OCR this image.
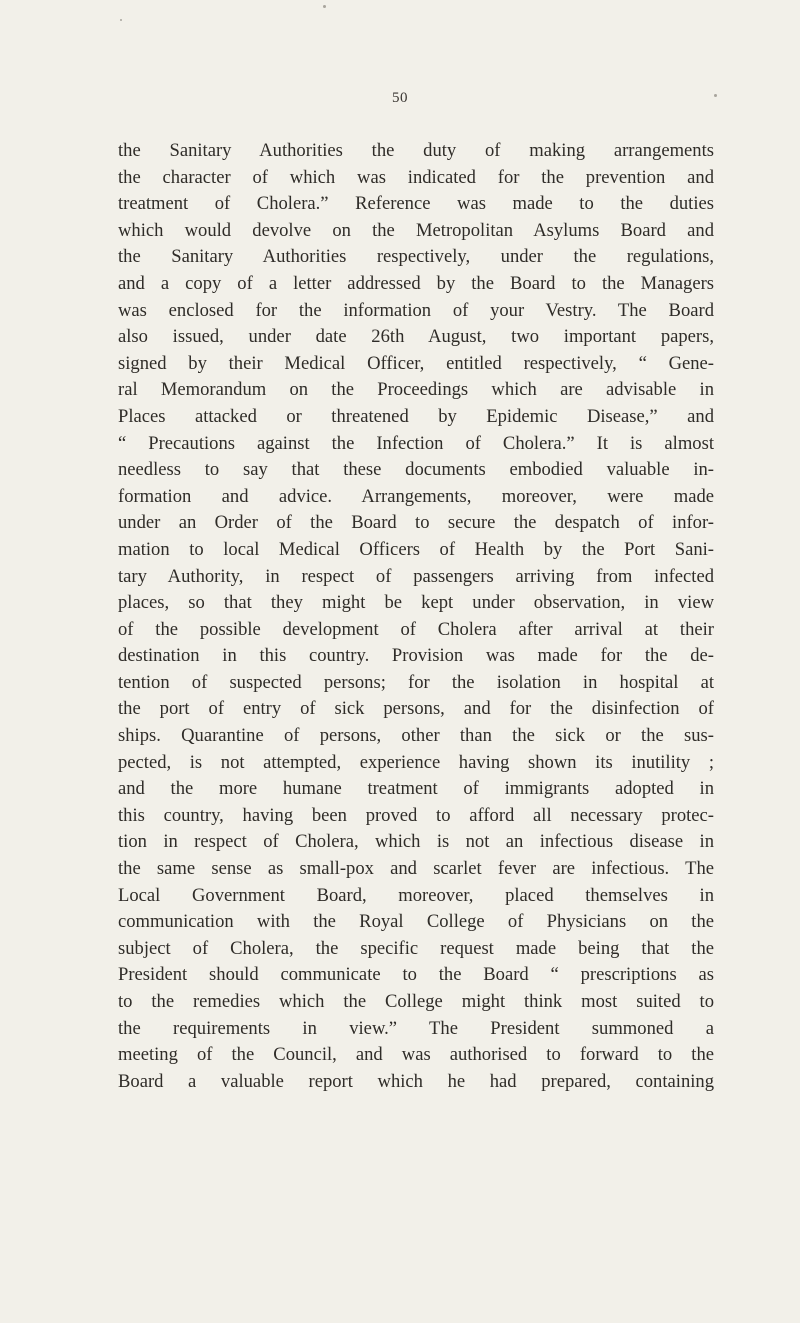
50
the Sanitary Authorities the duty of making arrangements
the character of which was indicated for the prevention and
treatment of Cholera.” Reference was made to the duties
which would devolve on the Metropolitan Asylums Board and
the Sanitary Authorities respectively, under the regulations,
and a copy of a letter addressed by the Board to the Managers
was enclosed for the information of your Vestry. The Board
also issued, under date 26th August, two important papers,
signed by their Medical Officer, entitled respectively, “ Gene-
ral Memorandum on the Proceedings which are advisable in
Places attacked or threatened by Epidemic Disease,” and
“ Precautions against the Infection of Cholera.” It is almost
needless to say that these documents embodied valuable in-
formation and advice. Arrangements, moreover, were made
under an Order of the Board to secure the despatch of infor-
mation to local Medical Officers of Health by the Port Sani-
tary Authority, in respect of passengers arriving from infected
places, so that they might be kept under observation, in view
of the possible development of Cholera after arrival at their
destination in this country. Provision was made for the de-
tention of suspected persons; for the isolation in hospital at
the port of entry of sick persons, and for the disinfection of
ships. Quarantine of persons, other than the sick or the sus-
pected, is not attempted, experience having shown its inutility ;
and the more humane treatment of immigrants adopted in
this country, having been proved to afford all necessary protec-
tion in respect of Cholera, which is not an infectious disease in
the same sense as small-pox and scarlet fever are infectious. The
Local Government Board, moreover, placed themselves in
communication with the Royal College of Physicians on the
subject of Cholera, the specific request made being that the
President should communicate to the Board “ prescriptions as
to the remedies which the College might think most suited to
the requirements in view.” The President summoned a
meeting of the Council, and was authorised to forward to the
Board a valuable report which he had prepared, containing
